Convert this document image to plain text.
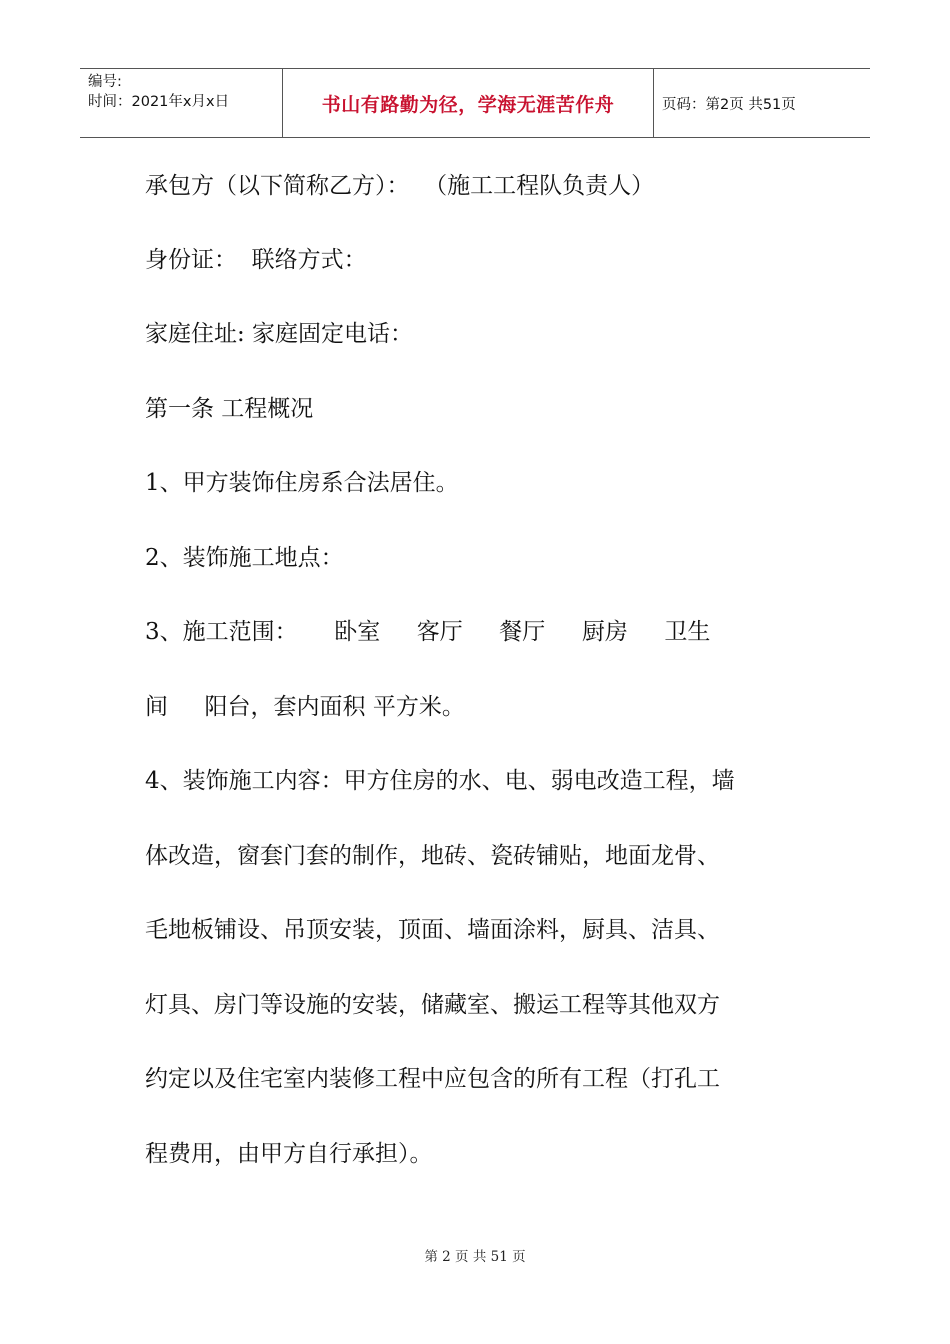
编号:
时间：2021年x月x日	书山有路勤为径，学海无涯苦作舟	页码：第2页 共51页
承包方（以下简称乙方）：  （施工工程队负责人）
身份证：  联络方式：
家庭住址: 家庭固定电话：
第一条 工程概况
1、甲方装饰住房系合法居住。
2、装饰施工地点：
3、施工范围：     卧室     客厅     餐厅     厨房     卫生
间     阳台，套内面积 平方米。
4、装饰施工内容：甲方住房的水、电、弱电改造工程，墙
体改造，窗套门套的制作，地砖、瓷砖铺贴，地面龙骨、
毛地板铺设、吊顶安装，顶面、墙面涂料，厨具、洁具、
灯具、房门等设施的安装，储藏室、搬运工程等其他双方
约定以及住宅室内装修工程中应包含的所有工程（打孔工
程费用，由甲方自行承担）。
第 2 页 共 51 页
